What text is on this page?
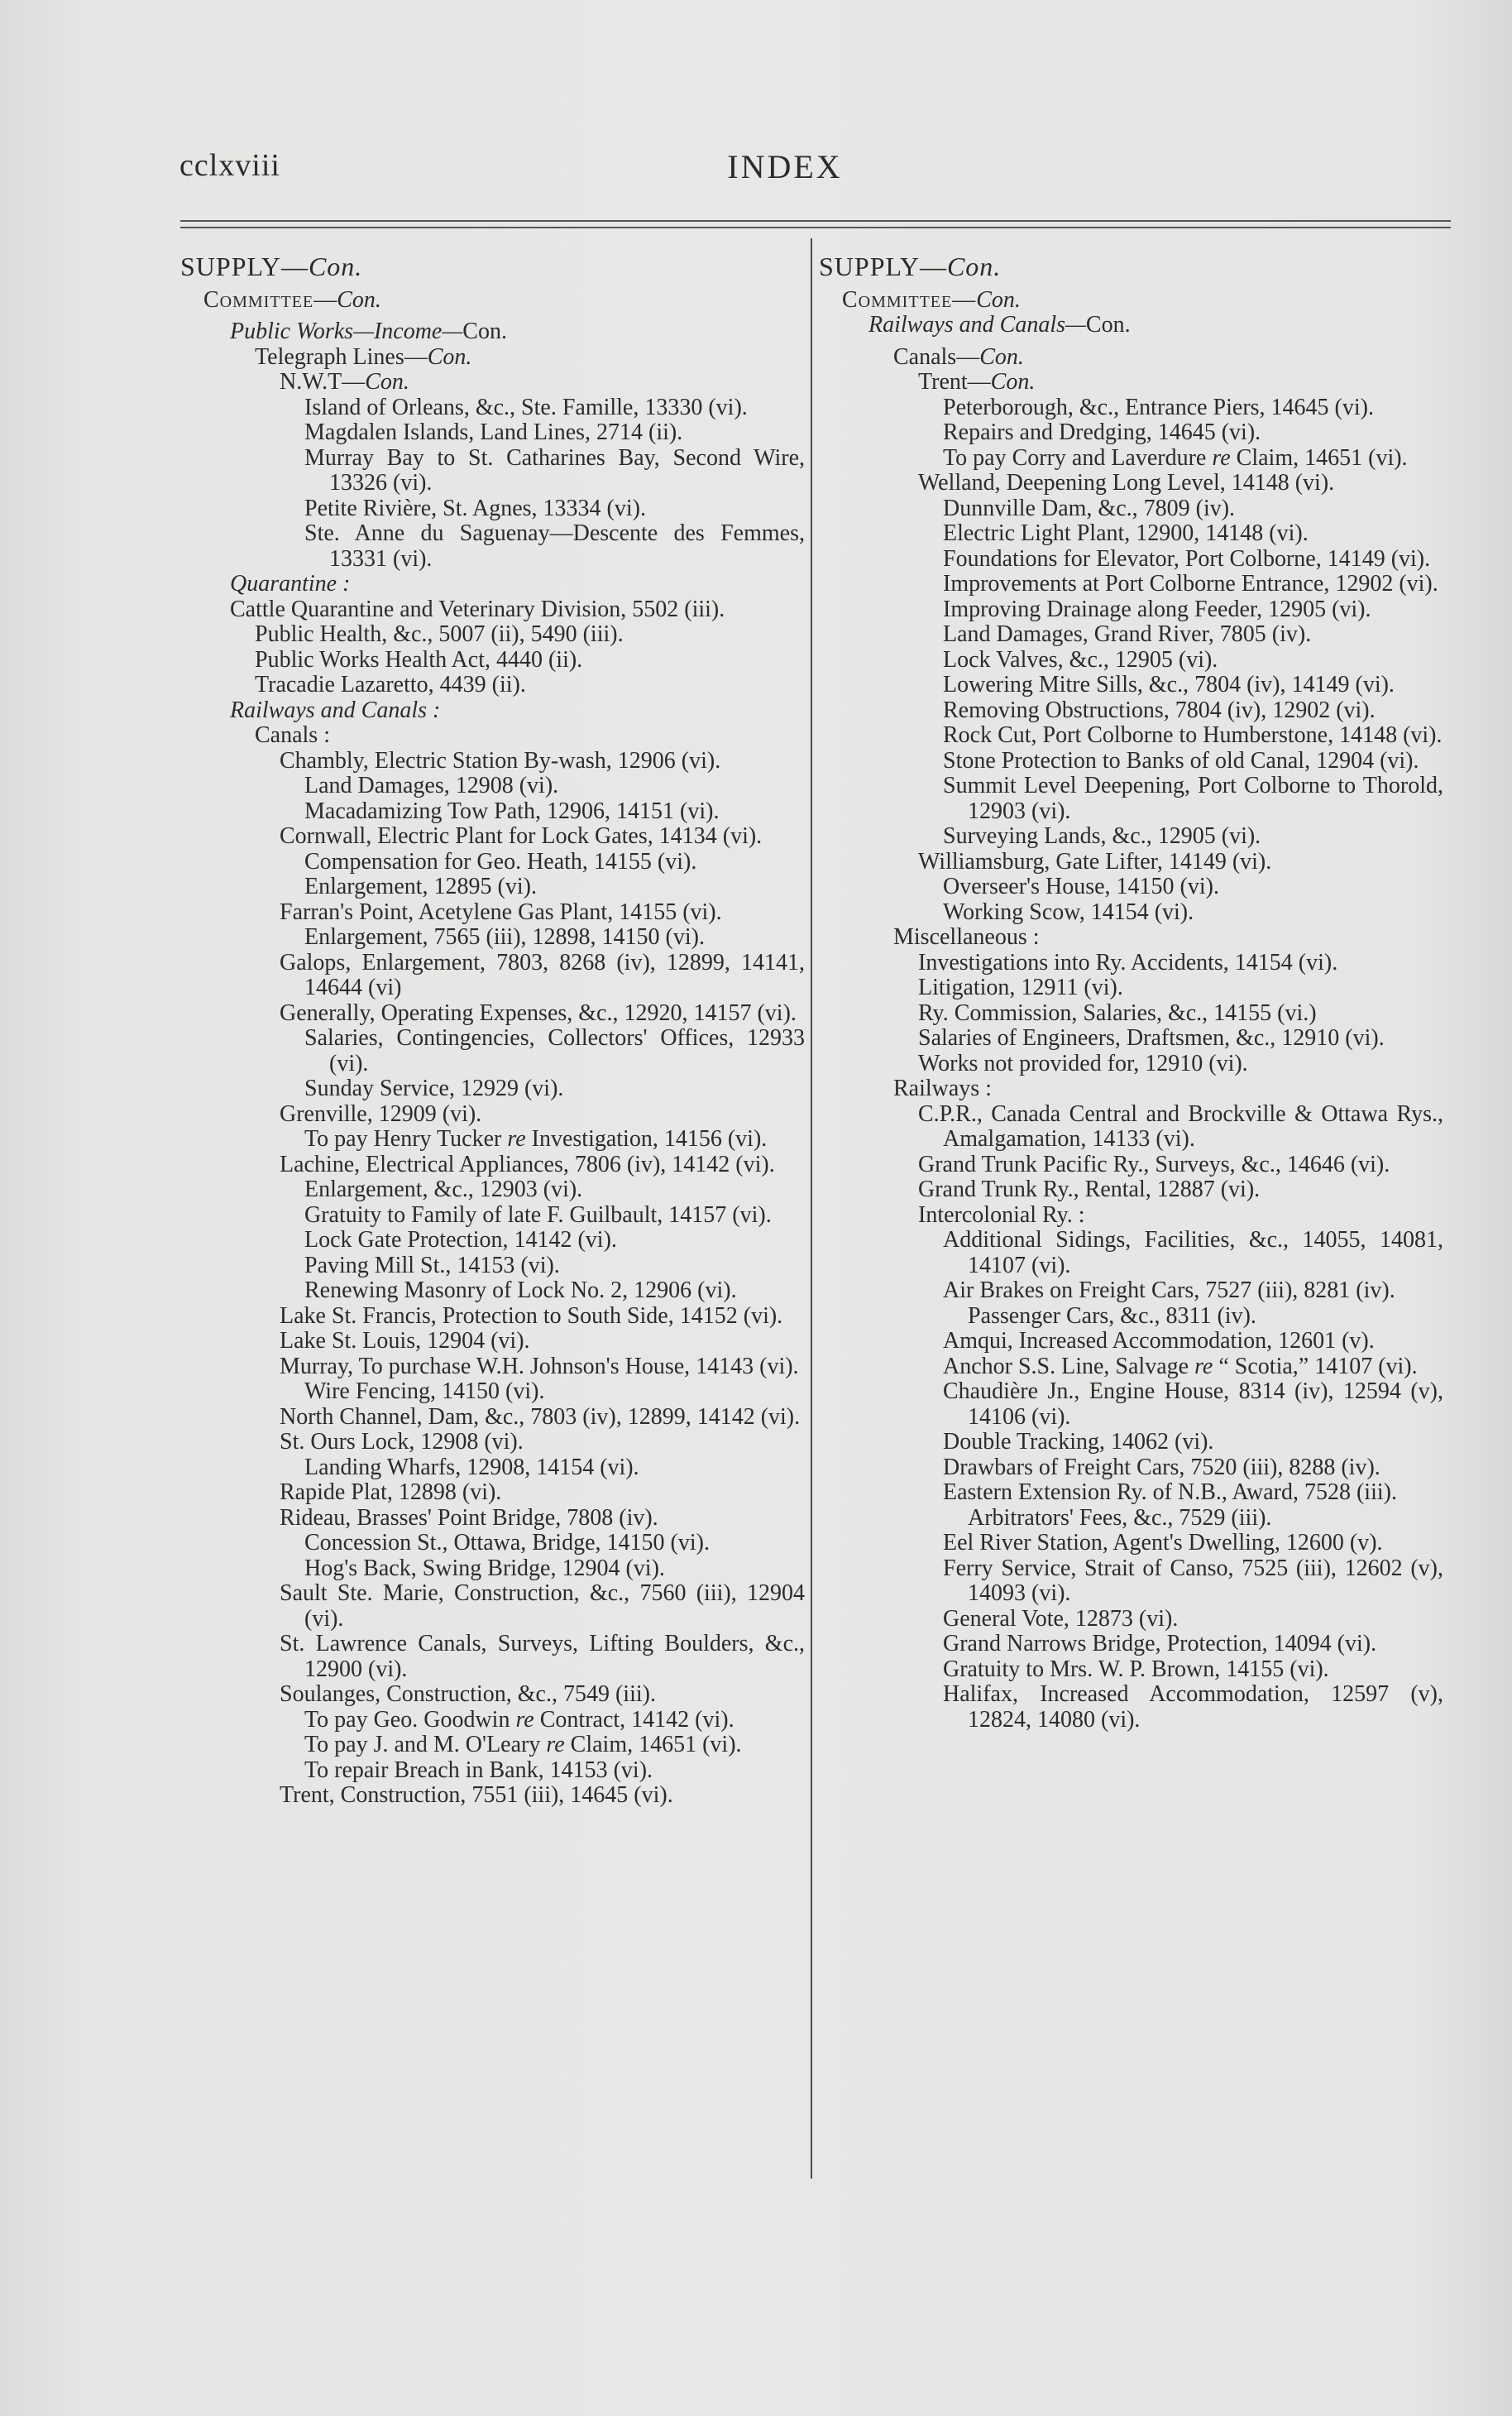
cclxviii	INDEX
SUPPLY—Con.
Committee—Con.
Public Works—Income—Con.
Telegraph Lines—Con.
N.W.T—Con.
Island of Orleans, &c., Ste. Famille, 13330 (vi).
Magdalen Islands, Land Lines, 2714 (ii).
Murray Bay to St. Catharines Bay, Second Wire, 13326 (vi).
Petite Rivière, St. Agnes, 13334 (vi).
Ste. Anne du Saguenay—Descente des Femmes, 13331 (vi).
Quarantine :
Cattle Quarantine and Veterinary Division, 5502 (iii).
Public Health, &c., 5007 (ii), 5490 (iii).
Public Works Health Act, 4440 (ii).
Tracadie Lazaretto, 4439 (ii).
Railways and Canals :
Canals :
Chambly, Electric Station By-wash, 12906 (vi).
Land Damages, 12908 (vi).
Macadamizing Tow Path, 12906, 14151 (vi).
Cornwall, Electric Plant for Lock Gates, 14134 (vi).
Compensation for Geo. Heath, 14155 (vi).
Enlargement, 12895 (vi).
Farran's Point, Acetylene Gas Plant, 14155 (vi).
Enlargement, 7565 (iii), 12898, 14150 (vi).
Galops, Enlargement, 7803, 8268 (iv), 12899, 14141, 14644 (vi)
Generally, Operating Expenses, &c., 12920, 14157 (vi).
Salaries, Contingencies, Collectors' Offices, 12933 (vi).
Sunday Service, 12929 (vi).
Grenville, 12909 (vi).
To pay Henry Tucker re Investigation, 14156 (vi).
Lachine, Electrical Appliances, 7806 (iv), 14142 (vi).
Enlargement, &c., 12903 (vi).
Gratuity to Family of late F. Guilbault, 14157 (vi).
Lock Gate Protection, 14142 (vi).
Paving Mill St., 14153 (vi).
Renewing Masonry of Lock No. 2, 12906 (vi).
Lake St. Francis, Protection to South Side, 14152 (vi).
Lake St. Louis, 12904 (vi).
Murray, To purchase W.H. Johnson's House, 14143 (vi).
Wire Fencing, 14150 (vi).
North Channel, Dam, &c., 7803 (iv), 12899, 14142 (vi).
St. Ours Lock, 12908 (vi).
Landing Wharfs, 12908, 14154 (vi).
Rapide Plat, 12898 (vi).
Rideau, Brasses' Point Bridge, 7808 (iv).
Concession St., Ottawa, Bridge, 14150 (vi).
Hog's Back, Swing Bridge, 12904 (vi).
Sault Ste. Marie, Construction, &c., 7560 (iii), 12904 (vi).
St. Lawrence Canals, Surveys, Lifting Boulders, &c., 12900 (vi).
Soulanges, Construction, &c., 7549 (iii).
To pay Geo. Goodwin re Contract, 14142 (vi).
To pay J. and M. O'Leary re Claim, 14651 (vi).
To repair Breach in Bank, 14153 (vi).
Trent, Construction, 7551 (iii), 14645 (vi).
SUPPLY—Con.
Committee—Con.
Railways and Canals—Con.
Canals—Con.
Trent—Con.
Peterborough, &c., Entrance Piers, 14645 (vi).
Repairs and Dredging, 14645 (vi).
To pay Corry and Laverdure re Claim, 14651 (vi).
Welland, Deepening Long Level, 14148 (vi).
Dunnville Dam, &c., 7809 (iv).
Electric Light Plant, 12900, 14148 (vi).
Foundations for Elevator, Port Colborne, 14149 (vi).
Improvements at Port Colborne Entrance, 12902 (vi).
Improving Drainage along Feeder, 12905 (vi).
Land Damages, Grand River, 7805 (iv).
Lock Valves, &c., 12905 (vi).
Lowering Mitre Sills, &c., 7804 (iv), 14149 (vi).
Removing Obstructions, 7804 (iv), 12902 (vi).
Rock Cut, Port Colborne to Humberstone, 14148 (vi).
Stone Protection to Banks of old Canal, 12904 (vi).
Summit Level Deepening, Port Colborne to Thorold, 12903 (vi).
Surveying Lands, &c., 12905 (vi).
Williamsburg, Gate Lifter, 14149 (vi).
Overseer's House, 14150 (vi).
Working Scow, 14154 (vi).
Miscellaneous :
Investigations into Ry. Accidents, 14154 (vi).
Litigation, 12911 (vi).
Ry. Commission, Salaries, &c., 14155 (vi.)
Salaries of Engineers, Draftsmen, &c., 12910 (vi).
Works not provided for, 12910 (vi).
Railways :
C.P.R., Canada Central and Brockville & Ottawa Rys., Amalgamation, 14133 (vi).
Grand Trunk Pacific Ry., Surveys, &c., 14646 (vi).
Grand Trunk Ry., Rental, 12887 (vi).
Intercolonial Ry. :
Additional Sidings, Facilities, &c., 14055, 14081, 14107 (vi).
Air Brakes on Freight Cars, 7527 (iii), 8281 (iv).
Passenger Cars, &c., 8311 (iv).
Amqui, Increased Accommodation, 12601 (v).
Anchor S.S. Line, Salvage re “ Scotia,” 14107 (vi).
Chaudière Jn., Engine House, 8314 (iv), 12594 (v), 14106 (vi).
Double Tracking, 14062 (vi).
Drawbars of Freight Cars, 7520 (iii), 8288 (iv).
Eastern Extension Ry. of N.B., Award, 7528 (iii).
Arbitrators' Fees, &c., 7529 (iii).
Eel River Station, Agent's Dwelling, 12600 (v).
Ferry Service, Strait of Canso, 7525 (iii), 12602 (v), 14093 (vi).
General Vote, 12873 (vi).
Grand Narrows Bridge, Protection, 14094 (vi).
Gratuity to Mrs. W. P. Brown, 14155 (vi).
Halifax, Increased Accommodation, 12597 (v), 12824, 14080 (vi).
